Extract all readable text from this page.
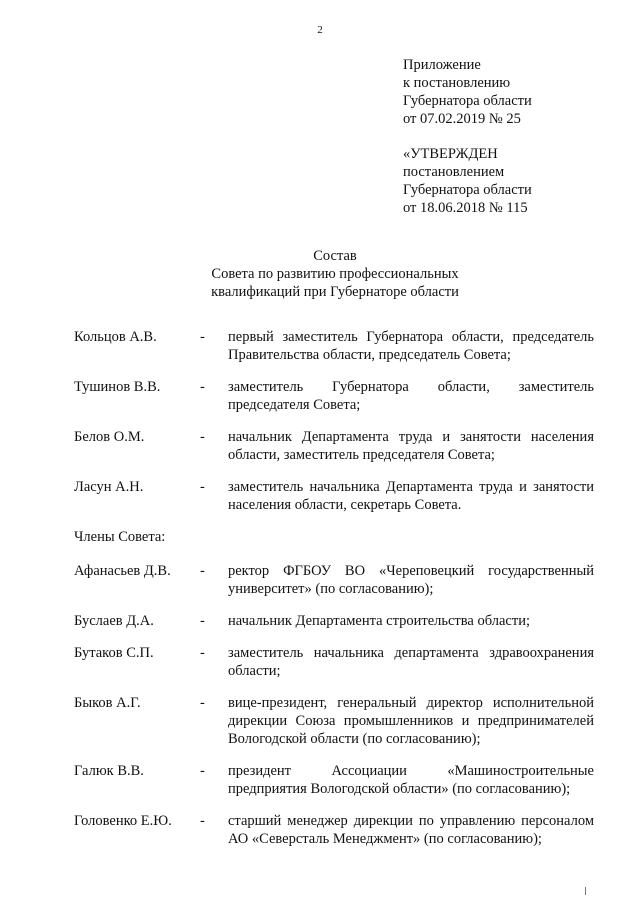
2
Приложение
к постановлению
Губернатора области
от 07.02.2019 № 25
«УТВЕРЖДЕН
постановлением
Губернатора области
от 18.06.2018 № 115
Состав
Совета по развитию профессиональных
квалификаций при Губернаторе области
Кольцов А.В.	-	первый заместитель Губернатора области, председатель Правительства области, председатель Совета;
Тушинов В.В.	-	заместитель Губернатора области, заместитель председателя Совета;
Белов О.М.	-	начальник Департамента труда и занятости населения области, заместитель председателя Совета;
Ласун А.Н.	-	заместитель начальника Департамента труда и занятости населения области, секретарь Совета.
Члены Совета:
Афанасьев Д.В.	-	ректор ФГБОУ ВО «Череповецкий государственный университет» (по согласованию);
Буслаев Д.А.	-	начальник Департамента строительства области;
Бутаков С.П.	-	заместитель начальника департамента здравоохранения области;
Быков А.Г.	-	вице-президент, генеральный директор исполнительной дирекции Союза промышленников и предпринимателей Вологодской области (по согласованию);
Галюк В.В.	-	президент Ассоциации «Машиностроительные предприятия Вологодской области» (по согласованию);
Головенко Е.Ю.	-	старший менеджер дирекции по управлению персоналом АО «Северсталь Менеджмент» (по согласованию);
